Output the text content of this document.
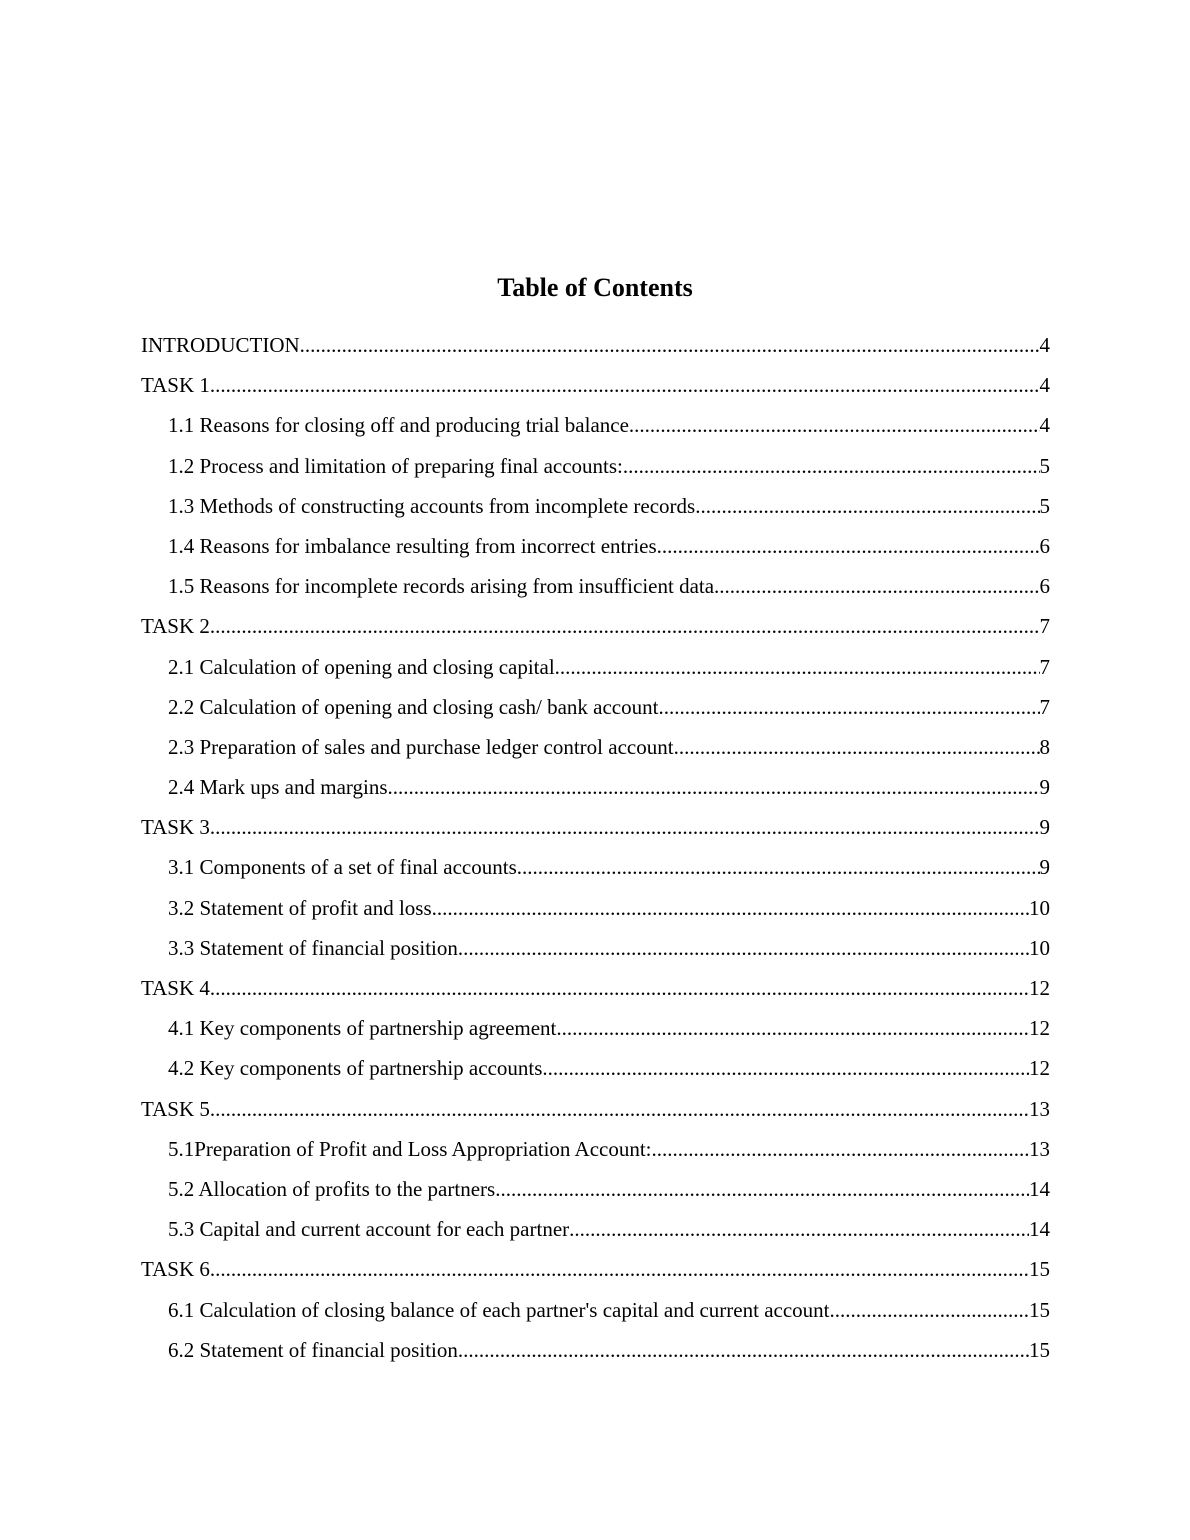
Table of Contents
INTRODUCTION .....	4
TASK 1 .....	4
1.1 Reasons for closing off and producing trial balance .....	4
1.2 Process and limitation of preparing final accounts: .....	5
1.3 Methods of constructing accounts from incomplete records .....	5
1.4 Reasons for imbalance resulting from incorrect entries .....	6
1.5 Reasons for incomplete records arising from insufficient data .....	6
TASK 2 .....	7
2.1 Calculation of opening and closing capital .....	7
2.2 Calculation of opening and closing cash/ bank account .....	7
2.3 Preparation of sales and purchase ledger control account .....	8
2.4 Mark ups and margins .....	9
TASK 3 .....	9
3.1 Components of a set of final accounts .....	9
3.2 Statement of profit and loss .....	10
3.3 Statement of financial position .....	10
TASK 4 .....	12
4.1 Key components of partnership agreement .....	12
4.2 Key components of partnership accounts .....	12
TASK 5 .....	13
5.1Preparation of Profit and Loss Appropriation Account: .....	13
5.2 Allocation of profits to the partners .....	14
5.3 Capital and current account for each partner .....	14
TASK 6 .....	15
6.1 Calculation of closing balance of each partner's capital and current account .....	15
6.2 Statement of financial position .....	15
